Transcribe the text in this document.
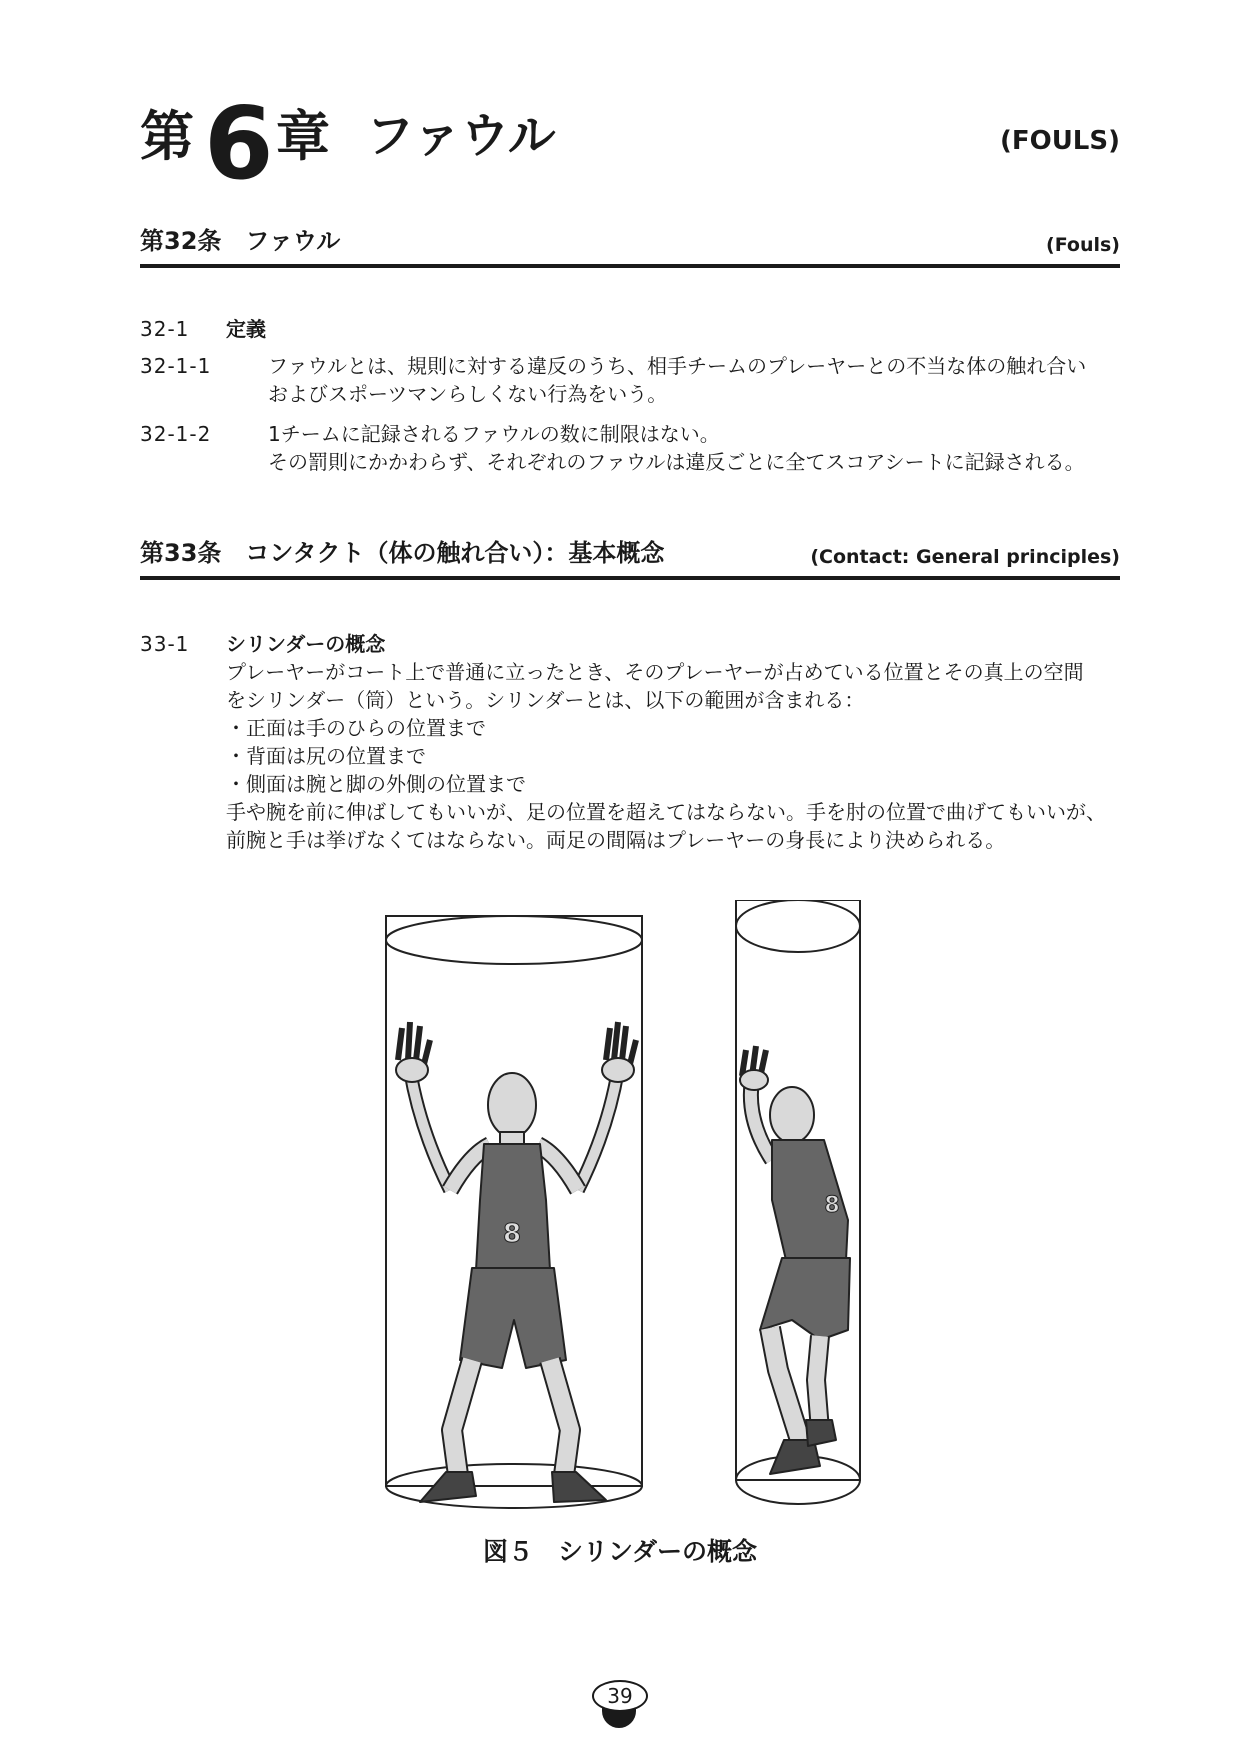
第 6 章 ファウル	(FOULS)
第32条　ファウル	(Fouls)
32-1 定義
32-1-1	ファウルとは、規則に対する違反のうち、相手チームのプレーヤーとの不当な体の触れ合い
およびスポーツマンらしくない行為をいう。
32-1-2	1チームに記録されるファウルの数に制限はない。
その罰則にかかわらず、それぞれのファウルは違反ごとに全てスコアシートに記録される。
第33条　コンタクト（体の触れ合い）：基本概念	(Contact: General principles)
33-1 シリンダーの概念
プレーヤーがコート上で普通に立ったとき、そのプレーヤーが占めている位置とその真上の空間
をシリンダー（筒）という。シリンダーとは、以下の範囲が含まれる：
・正面は手のひらの位置まで
・背面は尻の位置まで
・側面は腕と脚の外側の位置まで
手や腕を前に伸ばしてもいいが、足の位置を超えてはならない。手を肘の位置で曲げてもいいが、
前腕と手は挙げなくてはならない。両足の間隔はプレーヤーの身長により決められる。
8
8
図５　シリンダーの概念
39
